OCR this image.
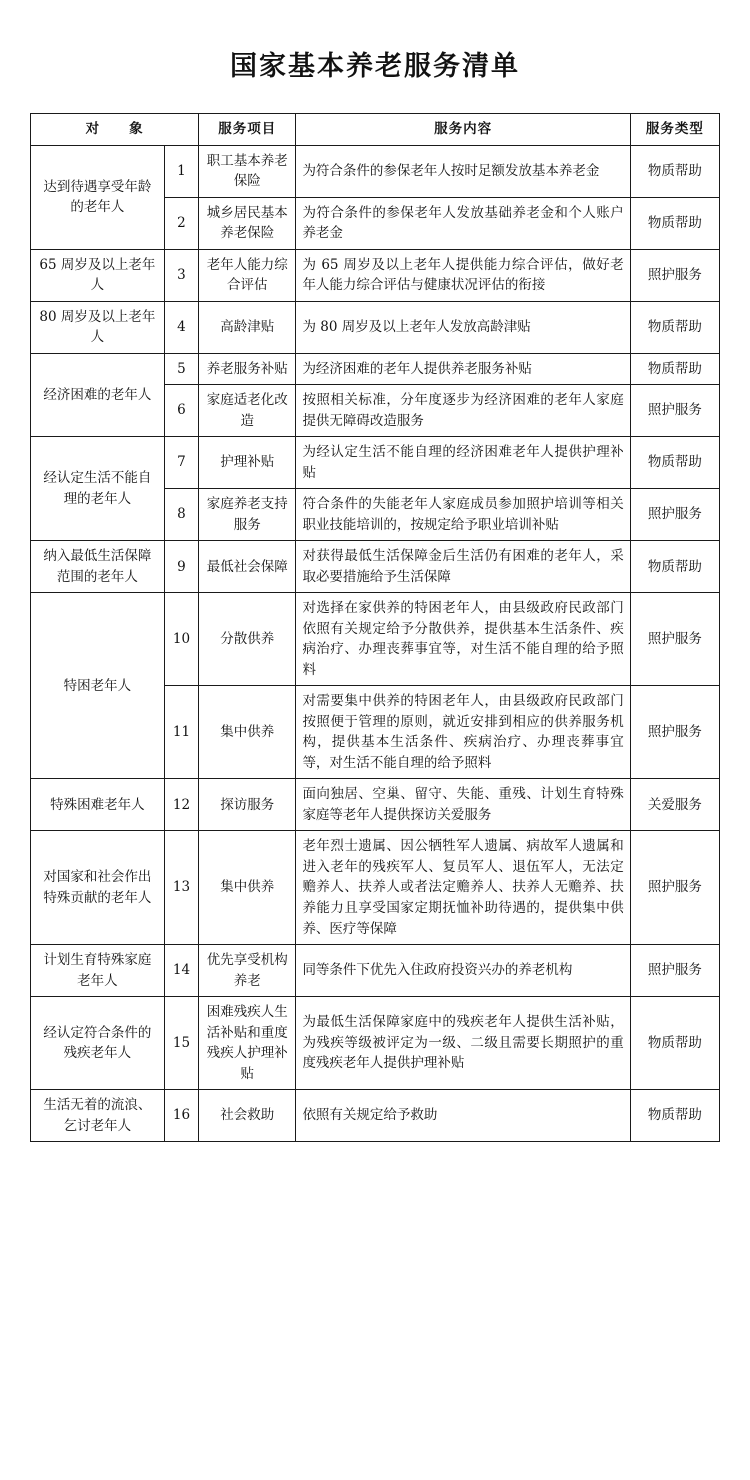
国家基本养老服务清单
对　　象		服务项目	服务内容	服务类型
达到待遇享受年龄的老年人	1	职工基本养老保险	为符合条件的参保老年人按时足额发放基本养老金	物质帮助
	2	城乡居民基本养老保险	为符合条件的参保老年人发放基础养老金和个人账户养老金	物质帮助
65 周岁及以上老年人	3	老年人能力综合评估	为 65 周岁及以上老年人提供能力综合评估，做好老年人能力综合评估与健康状况评估的衔接	照护服务
80 周岁及以上老年人	4	高龄津贴	为 80 周岁及以上老年人发放高龄津贴	物质帮助
经济困难的老年人	5	养老服务补贴	为经济困难的老年人提供养老服务补贴	物质帮助
	6	家庭适老化改造	按照相关标准，分年度逐步为经济困难的老年人家庭提供无障碍改造服务	照护服务
经认定生活不能自理的老年人	7	护理补贴	为经认定生活不能自理的经济困难老年人提供护理补贴	物质帮助
	8	家庭养老支持服务	符合条件的失能老年人家庭成员参加照护培训等相关职业技能培训的，按规定给予职业培训补贴	照护服务
纳入最低生活保障范围的老年人	9	最低社会保障	对获得最低生活保障金后生活仍有困难的老年人，采取必要措施给予生活保障	物质帮助
特困老年人	10	分散供养	对选择在家供养的特困老年人，由县级政府民政部门依照有关规定给予分散供养，提供基本生活条件、疾病治疗、办理丧葬事宜等，对生活不能自理的给予照料	照护服务
	11	集中供养	对需要集中供养的特困老年人，由县级政府民政部门按照便于管理的原则，就近安排到相应的供养服务机构，提供基本生活条件、疾病治疗、办理丧葬事宜等，对生活不能自理的给予照料	照护服务
特殊困难老年人	12	探访服务	面向独居、空巢、留守、失能、重残、计划生育特殊家庭等老年人提供探访关爱服务	关爱服务
对国家和社会作出特殊贡献的老年人	13	集中供养	老年烈士遗属、因公牺牲军人遗属、病故军人遗属和进入老年的残疾军人、复员军人、退伍军人，无法定赡养人、扶养人或者法定赡养人、扶养人无赡养、扶养能力且享受国家定期抚恤补助待遇的，提供集中供养、医疗等保障	照护服务
计划生育特殊家庭老年人	14	优先享受机构养老	同等条件下优先入住政府投资兴办的养老机构	照护服务
经认定符合条件的残疾老年人	15	困难残疾人生活补贴和重度残疾人护理补贴	为最低生活保障家庭中的残疾老年人提供生活补贴，为残疾等级被评定为一级、二级且需要长期照护的重度残疾老年人提供护理补贴	物质帮助
生活无着的流浪、乞讨老年人	16	社会救助	依照有关规定给予救助	物质帮助
